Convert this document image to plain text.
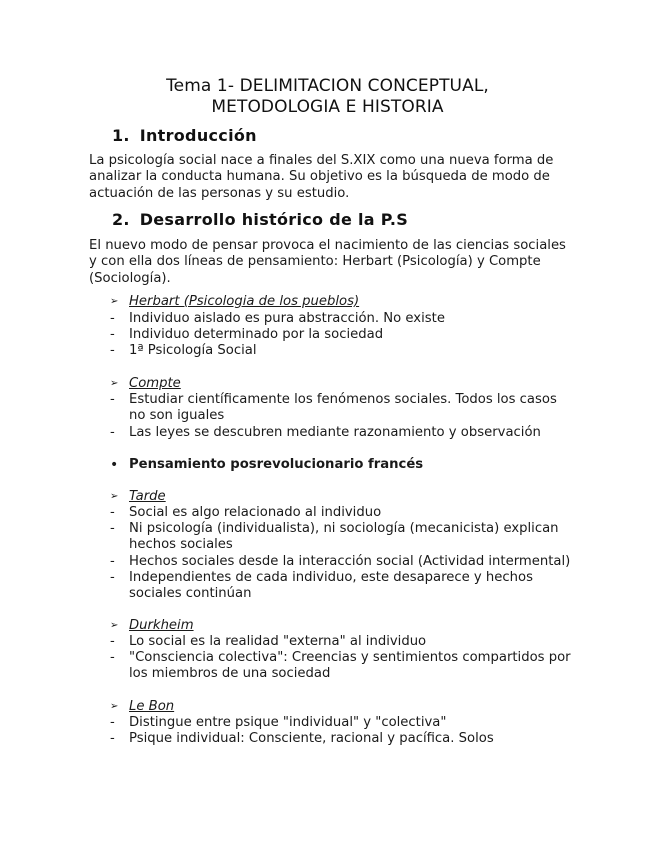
Tema 1- DELIMITACION CONCEPTUAL,
METODOLOGIA E HISTORIA
1. Introducción
La psicología social nace a finales del S.XIX como una nueva forma de
analizar la conducta humana. Su objetivo es la búsqueda de modo de
actuación de las personas y su estudio.
2. Desarrollo histórico de la P.S
El nuevo modo de pensar provoca el nacimiento de las ciencias sociales
y con ella dos líneas de pensamiento: Herbart (Psicología) y Compte
(Sociología).
➢ Herbart (Psicologia de los pueblos)
-	Individuo aislado es pura abstracción. No existe
-	Individuo determinado por la sociedad
-	1ª Psicología Social
➢ Compte
-	Estudiar científicamente los fenómenos sociales. Todos los casos
no son iguales
-	Las leyes se descubren mediante razonamiento y observación
• Pensamiento posrevolucionario francés
➢ Tarde
-	Social es algo relacionado al individuo
-	Ni psicología (individualista), ni sociología (mecanicista) explican
hechos sociales
-	Hechos sociales desde la interacción social (Actividad intermental)
-	Independientes de cada individuo, este desaparece y hechos
sociales continúan
➢ Durkheim
-	Lo social es la realidad "externa" al individuo
-	"Consciencia colectiva": Creencias y sentimientos compartidos por
los miembros de una sociedad
➢ Le Bon
-	Distingue entre psique "individual" y "colectiva"
-	Psique individual: Consciente, racional y pacífica. Solos
